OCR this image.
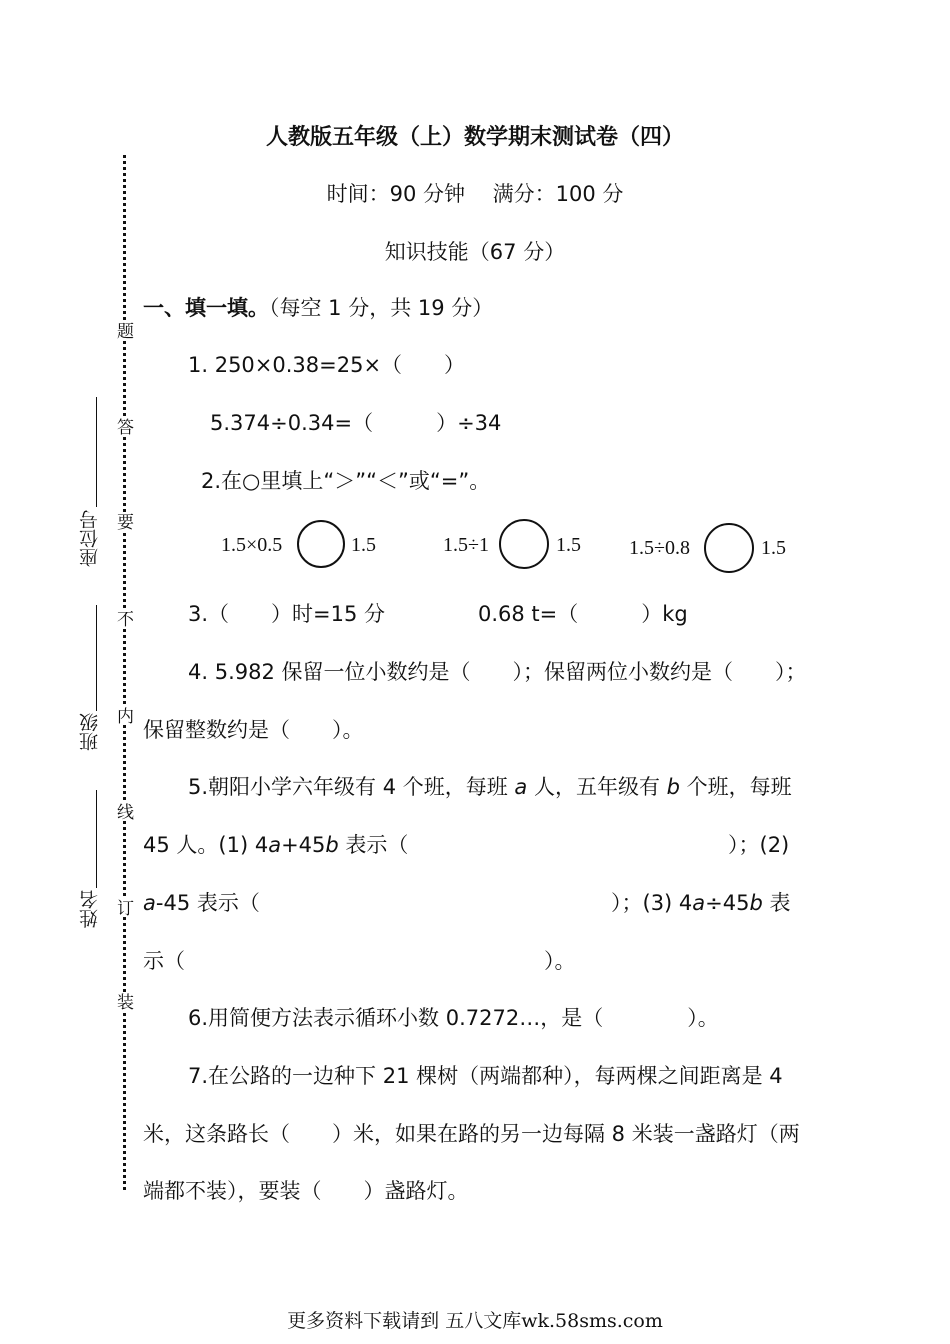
人教版五年级（上）数学期末测试卷（四）
时间：90 分钟　 满分：100 分
知识技能（67 分）
题
答
要
不
内
线
订
装
座位号
班级
姓名
一、填一填。（每空 1 分，共 19 分）
1. 250×0.38=25×（　　）
5.374÷0.34=（　　　）÷34
2.在○里填上“＞”“＜”或“=”。
1.5×0.5	1.5	1.5÷1	1.5 1.5÷0.8	1.5
3.（　　）时=15 分	0.68 t=（　　　）kg
4. 5.982 保留一位小数约是（　　）；保留两位小数约是（　　）；
保留整数约是（　　）。
5.朝阳小学六年级有 4 个班，每班 a 人，五年级有 b 个班，每班
45 人。(1) 4a+45b 表示（	）；(2)
a-45 表示（	）；(3) 4a÷45b 表
示（	）。
6.用简便方法表示循环小数 0.7272…，是（　　　　）。
7.在公路的一边种下 21 棵树（两端都种），每两棵之间距离是 4
米，这条路长（　　）米，如果在路的另一边每隔 8 米装一盏路灯（两
端都不装），要装（　　）盏路灯。
更多资料下载请到 五八文库wk.58sms.com
